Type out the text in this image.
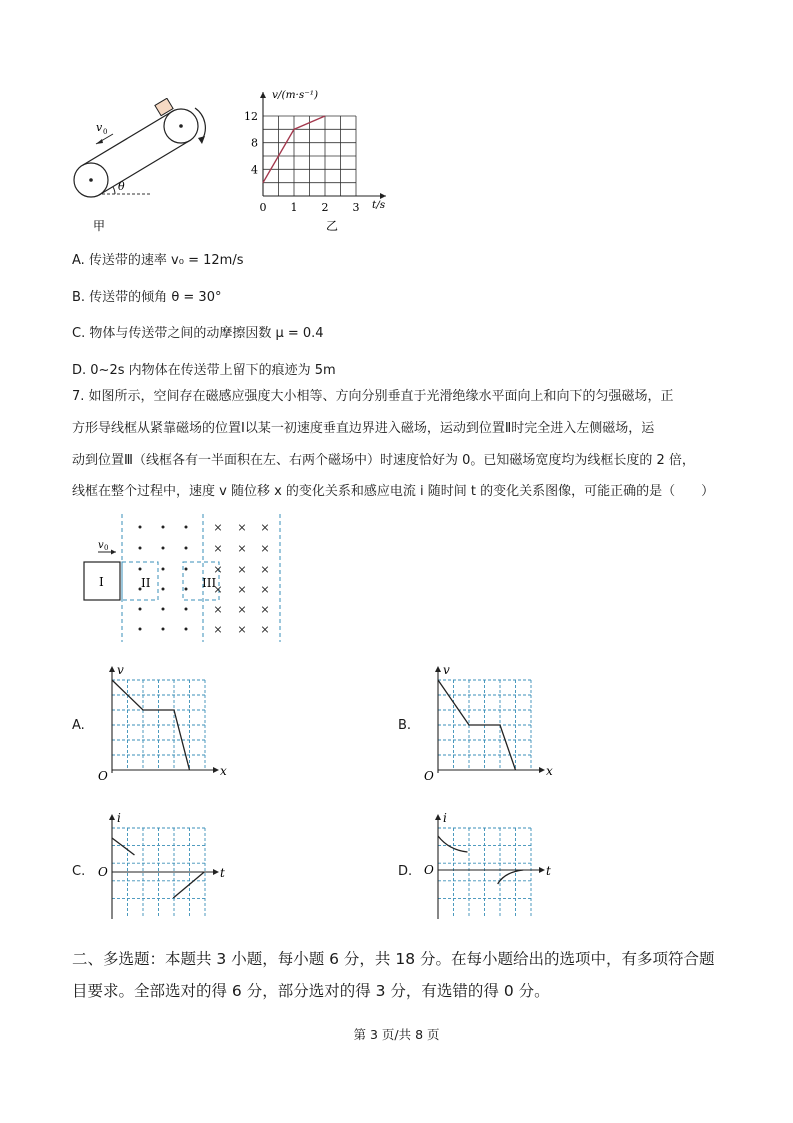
v 0
θ
甲
12
8
4
0 1 2 3
v/(m·s⁻¹)
t/s
乙
A. 传送带的速率 v₀ = 12m/s
B. 传送带的倾角 θ = 30°
C. 物体与传送带之间的动摩擦因数 μ = 0.4
D. 0~2s 内物体在传送带上留下的痕迹为 5m
7. 如图所示，空间存在磁感应强度大小相等、方向分别垂直于光滑绝缘水平面向上和向下的匀强磁场，正
方形导线框从紧靠磁场的位置Ⅰ以某一初速度垂直边界进入磁场，运动到位置Ⅱ时完全进入左侧磁场，运
动到位置Ⅲ（线框各有一半面积在左、右两个磁场中）时速度恰好为 0。已知磁场宽度均为线框长度的 2 倍，
线框在整个过程中，速度 v 随位移 x 的变化关系和感应电流 i 随时间 t 的变化关系图像，可能正确的是（　　）
× × ×
× × ×
× × ×
× × ×
× × ×
× × ×
I	II	III
v 0
A.
v
x
O
B.
v
x
O
C.
i
t
O	D.
i
t
O
二、多选题：本题共 3 小题，每小题 6 分，共 18 分。在每小题给出的选项中，有多项符合题
目要求。全部选对的得 6 分，部分选对的得 3 分，有选错的得 0 分。
第 3 页/共 8 页
